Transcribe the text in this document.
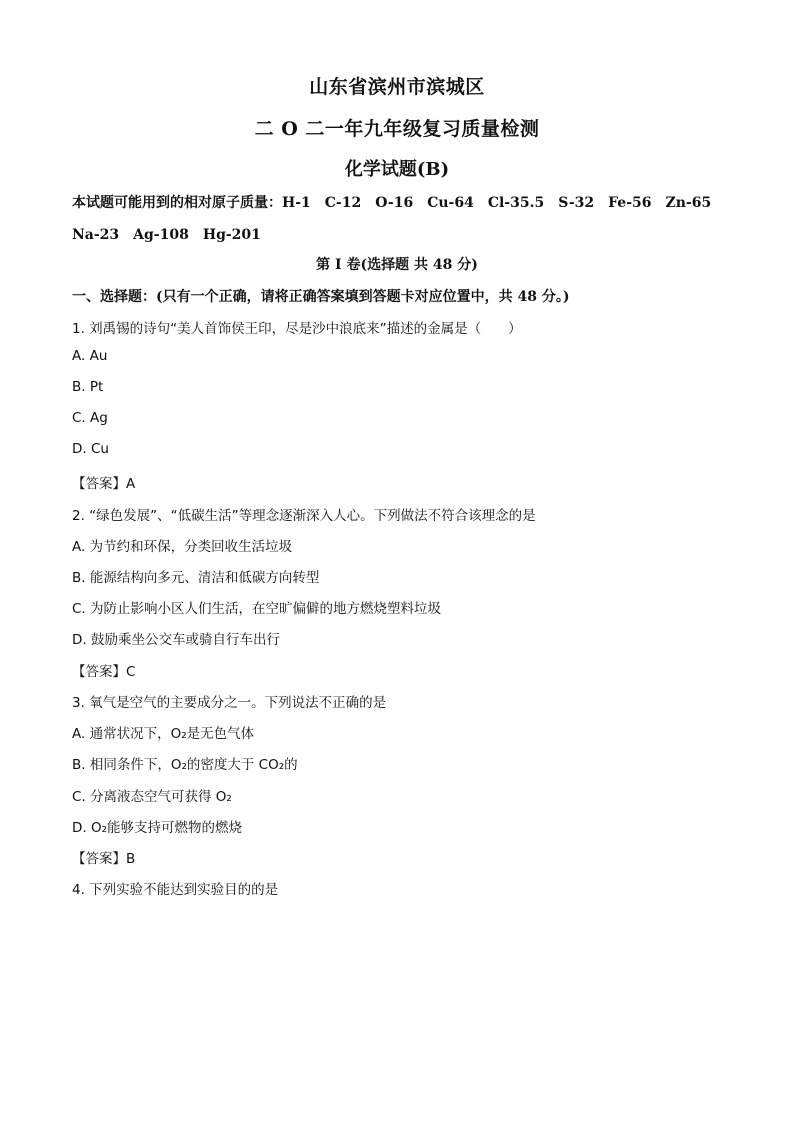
山东省滨州市滨城区
二 O 二一年九年级复习质量检测
化学试题(B)
本试题可能用到的相对原子质量：H-1　C-12　O-16　Cu-64　Cl-35.5　S-32　Fe-56　Zn-65
Na-23　Ag-108　Hg-201
第 I 卷(选择题 共 48 分)
一、选择题：(只有一个正确，请将正确答案填到答题卡对应位置中，共 48 分。)
1. 刘禹锡的诗句“美人首饰侯王印，尽是沙中浪底来”描述的金属是（　　）
A. Au
B. Pt
C. Ag
D. Cu
【答案】A
2. “绿色发展”、“低碳生活”等理念逐渐深入人心。下列做法不符合该理念的是
A. 为节约和环保，分类回收生活垃圾
B. 能源结构向多元、清洁和低碳方向转型
C. 为防止影响小区人们生活，在空旷偏僻的地方燃烧塑料垃圾
D. 鼓励乘坐公交车或骑自行车出行
【答案】C
3. 氧气是空气的主要成分之一。下列说法不正确的是
A. 通常状况下，O₂是无色气体
B. 相同条件下，O₂的密度大于 CO₂的
C. 分离液态空气可获得 O₂
D. O₂能够支持可燃物的燃烧
【答案】B
4. 下列实验不能达到实验目的的是
